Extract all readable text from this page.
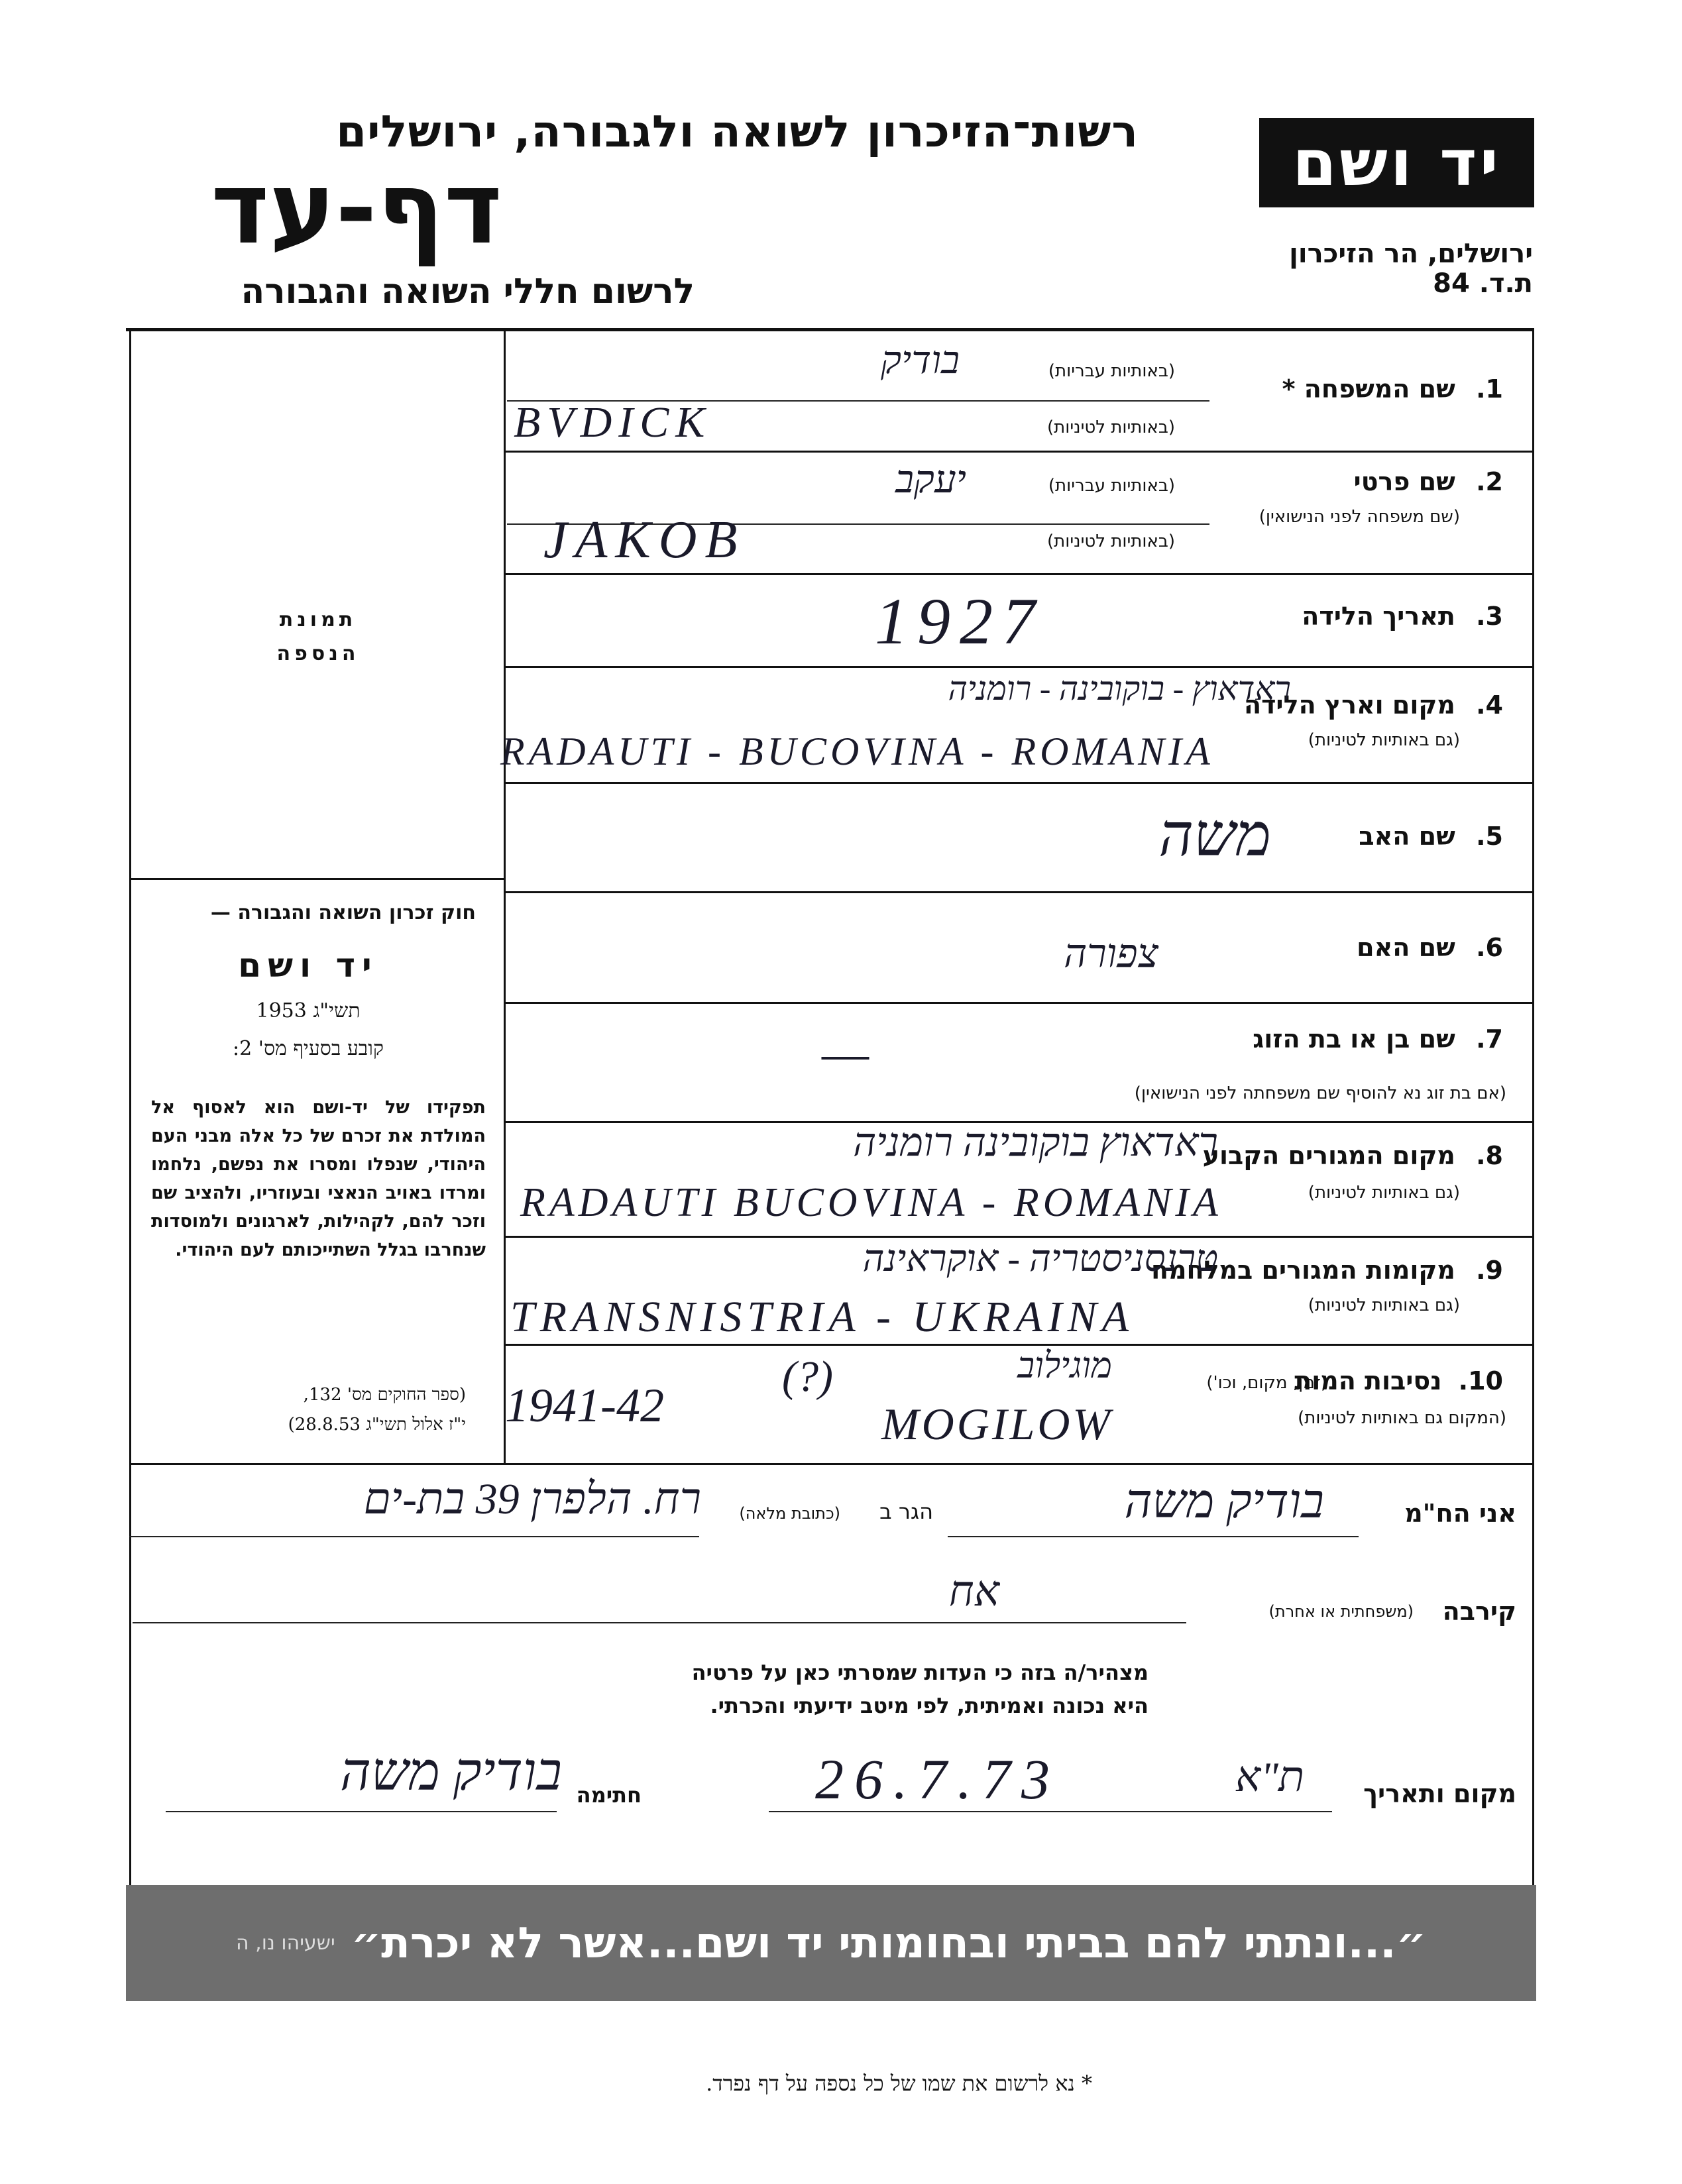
רשות־הזיכרון לשואה ולגבורה, ירושלים
דף-עד
לרשום חללי השואה והגבורה
יד ושם
ירושלים, הר הזיכרון
ת.ד. 84
תמונת הנספה
חוק זכרון השואה והגבורה —
יד ושם
תשי"ג 1953
קובע בסעיף מס' 2:
תפקידו של יד-ושם הוא לאסוף אל המולדת את זכרם של כל אלה מבני העם היהודי, שנפלו ומסרו את נפשם, נלחמו ומרדו באויב הנאצי ובעוזריו, ולהציב שם וזכר להם, לקהילות, לארגונים ולמוסדות שנחרבו בגלל השתייכותם לעם היהודי.
(ספר החוקים מס' 132,
י"ז אלול תשי"ג 28.8.53)
1. שם המשפחה *
(באותיות עבריות)
(באותיות לטיניות)
בודיק
BVDICK
2. שם פרטי
(שם משפחה לפני הנישואין)
(באותיות עבריות)
(באותיות לטיניות)
יעקב
JAKOB
3. תאריך הלידה
1927
4. מקום וארץ הלידה
(גם באותיות לטיניות)
ראדאוץ - בוקובינה - רומניה
RADAUTI - BUCOVINA - ROMANIA
5. שם האב
משה
6. שם האם
צפורה
7. שם בן או בת הזוג
(אם בת זוג נא להוסיף שם משפחתה לפני הנישואין)
—
8. מקום המגורים הקבוע
(גם באותיות לטיניות)
ראדאוץ בוקובינה רומניה
RADAUTI BUCOVINA - ROMANIA
9. מקומות המגורים במלחמה
(גם באותיות לטיניות)
טרנסניסטריה - אוקראינה
TRANSNISTRIA - UKRAINA
10. נסיבות המות
(זמן, מקום, וכו')
(המקום גם באותיות לטיניות)
1941-42
(?)	מוגילוב
MOGILOW
אני הח"מ
בודיק משה
הגר ב
(כתובת מלאה)
רח. הלפרן 39 בת-ים
קירבה
(משפחתית או אחרת)
אח
מצהיר/ה בזה כי העדות שמסרתי כאן על פרטיה
היא נכונה ואמיתית, לפי מיטב ידיעתי והכרתי.
מקום ותאריך
ת"א
26.7.73
חתימה
בודיק משה
״...ונתתי להם בביתי ובחומותי יד ושם...אשר לא יכרת״
ישעיהו נו, ה
* נא לרשום את שמו של כל נספה על דף נפרד.
